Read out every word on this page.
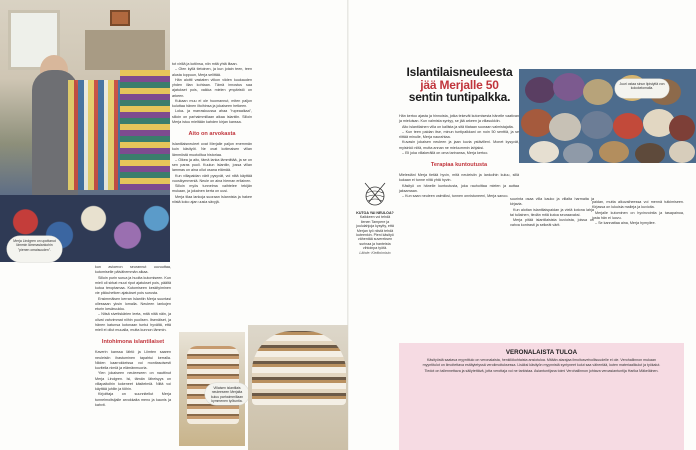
Merja Lindgren on upottanut lämmin lämmaslankohin "pienen omaisuuden".
Villaisen islantilais neuleeseen Merjalta kuluu parhaimmillaan kymmenen työtuntia.

kun avioeron seurannut uuvuuttaa, kutomiselle päivähemmän alkaa.

Silloin purin surua ja huolta kutomiseen. Kun mieli oli sirkat muut ripot ajatukset pois, päältä kutoa teroptamaa. Kutomiseen keskityiminen vie pikkuhetken ajatukset pois surusta.

Ensimmäisen kerran Islantiin Merja suuntasi ollessaan yksin lomalla. Neuleen lankojen eturin kesäruukku.

– Nitsä sivetiskärien leeta, mitä niitä näin, ja olivat vahvimmat niihin puolisen. Itsenäiset, ja hänen katunsa kotonaan tuntui hyvältä, että mieli ei ollut muualla, mutta kunnon lämmin.

Intohimona islantilaiset

Kaverin kanssa lähtö ja Liimten saaren neuleisiin ihastuminen tapahtui kerralla. Niiden kaarrokkeissa voi monitasoisesti kuvitella nimiä ja elämänmuoria.

Ylen jokaiseen neuleeseen on nauttinut Merja Lindgren. Isi, tämän läheisyys on villapaitoihin kokeneet käsitelmiä. Niitä voi käyttää juhliin ja töihin.

Kirjoittaja on suunnitellut Merja tunnelmoitsijalle arvokkaita meno ja kaunis ja kahvit.

tot viriliä ja kotiinsa, niin mitä yhtä iltaan.

– Olen kyllä tietoinen, ja kun jotain teen, teen alusta loppuun, Merja selittää.

Hän aloitti vastaten viikon viiden kuukauden yhden illan kohtaan. Tämä innostus saa ajatukset pois, vaikka mielen ympäristö on arkeen.

Kukaan muu ei ole huomannut, miten paljon kuluttaa hänen iltoihinsa ja jokaiseen hetkeen.

Loka- ja marraskuussa ahaa "rupeaaikaa", silloin on parhaimmillaan aikaa Islantiin. Silloin Merja istuu mieltään kahden kirjan kanssa.

Aito on arvokasta

Islantilaisneuleet ovat Merjalle paljon enemmän kuin käsityöt. Ne ovat kotimaisen villan lämmöstä muotoiltua historiaa.

– Oikea ja aito, tämä lanka lämmittää, ja se on sen paras puoli. Kuulun Islantiin, jossa villan lammas on aina ollut osana elämää.

Kun villapaidan värit pysyvät, voi niitä käyttää vuosikymmeniä. Neule on aina hieman erilainen.

Silloin myös tunnelma vaihtelee tekijän mukaan, ja jokainen kerta on uusi.

Merja tilaa lankoja suoraan Islannista ja hakee niistä koko ajan uusia sävyjä.

Islantilaisneuleesta
jää Merjalle 50
sentin tuntipalkka.
Juuri ostaa sinun lipistyitä von kokokelomalla.

Hän kertoo ajasta ja hinnoista, jotka tekevät kutomisesta hänelle vaativan ja mieluisan. Kun valmista syntyy, se jää arkeen ja villasukkiin.

Aito islantilainen villa on kallista ja sitä tilataan suoraan valmistajalta.

– Kun teen paidan itse, minun tuntipalkkani on noin 50 senttiä, ja se riittää minulle, Merja naurahtaa.

Kuvasin jokaisen neuleen ja jaan kuvia ystävilleni. Monet kysyvät, myisinkö niitä, mutta annan ne mieluummin lahjaksi.

– Eli joka villakerällä on oma tarinansa, Merja kertoo.

Terapiaa kuntoutusta

Mielestäni Merja tietää hyvin, mitä neuleisiin ja lankoihin kuluu, sillä kukaan ei tunne niitä yhtä hyvin.

Käsityö on hänelle kuntoutusta, joka rauhoittaa mielen ja auttaa jaksamaan.

– Kun saan neuleen valmiiksi, tunnen onnistuneeni, Merja sanoo.

KUTOA YAI NEULOA?
Kaikkeen voi tehdä lienen Tampere ja joululahjoja kysytty, että Merjan työ niistä tehdä kuteenkin. Pieni käsityö vähentää suvereksen surinaa ja hanteista vihtoinpa työtä.
Lähde: Kielitoimisto

suurinta osaa villa kauko ja villalta harmaita ja kirjavia.

Kun aloitan islantilaispaidan ja vielä kotona lahja tai tuliainen, tiedän mitä kutoa seuraavaksi.

Merja pitää islantilaisista kuvioista, joissa on vahva kontrasti ja selkeät värit.

paidan, mutta alkuvaiheessa voi mennä tutkimiseen. Kirjassa on lukuisia malleja ja kuvioita.

Merjalle kutominen on hyvinvointia ja tasapainoa, josta hän ei luovu.

– Se kannattaa aina, Merja hymyilee.

VERONALAISTA TULOA

Käsityöstä saatava myyntitulo on veronalaista, henkilökohtaista ansiotuloa. Mitään alarajaa ilmoitusvelvollisuudelle ei ole. Verohallinnon mukaan myyntitulot on ilmoitettava esitäytetyssä veroilmoituksessa. Lisäksi käsityön myynnistä syntyneet kulut saa vähentää, kuten materiaalikulut ja työkalut. Tiedot on tallennettava ja säilytettävä, jotta verottaja voi ne tarkistaa. Asiantuntijana toimi Verohallinnon johtava veroasiantuntija Harika Mäkeläinen.
